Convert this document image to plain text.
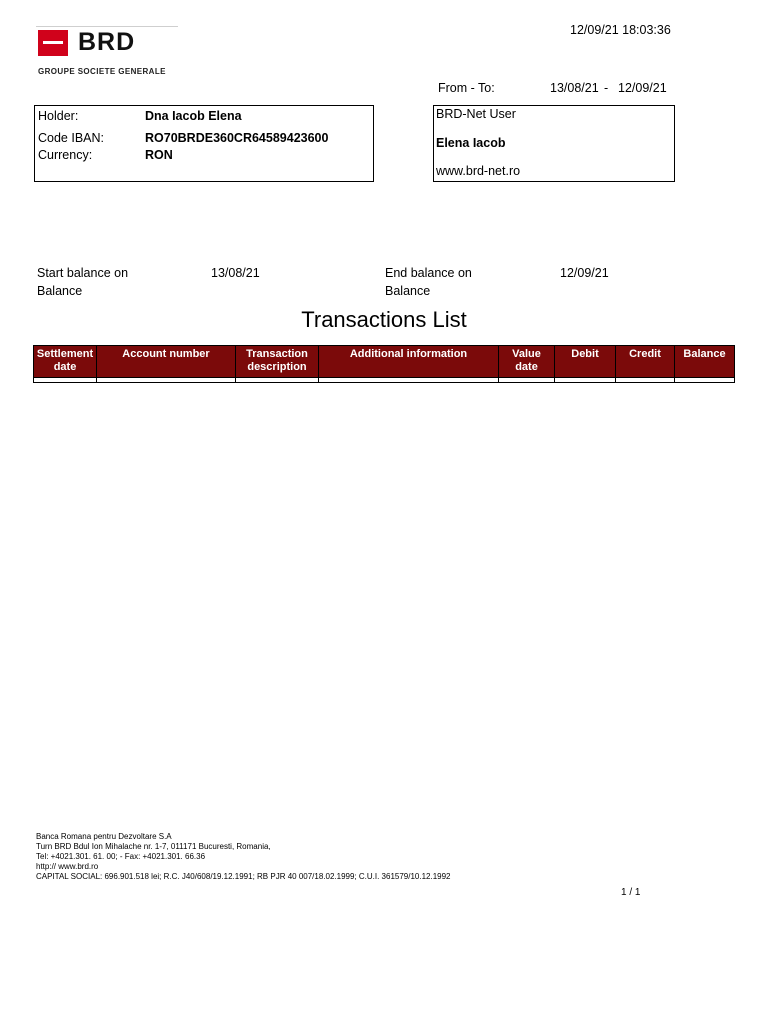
BRD
GROUPE SOCIETE GENERALE
12/09/21 18:03:36
From - To:	13/08/21 - 12/09/21
Holder:	Dna Iacob Elena
Code IBAN:	RO70BRDE360CR64589423600
Currency:	RON
BRD-Net User
Elena Iacob
www.brd-net.ro
Start balance on	13/08/21
Balance
End balance on	12/09/21
Balance
Transactions List
Settlement date	Account number	Transaction description	Additional information	Value date	Debit	Credit	Balance

Banca Romana pentru Dezvoltare S.A
Turn BRD Bdul Ion Mihalache nr. 1-7, 011171 Bucuresti, Romania,
Tel: +4021.301. 61. 00; - Fax: +4021.301. 66.36
http:// www.brd.ro
CAPITAL SOCIAL: 696.901.518 lei; R.C. J40/608/19.12.1991; RB PJR 40 007/18.02.1999; C.U.I. 361579/10.12.1992
1 / 1
